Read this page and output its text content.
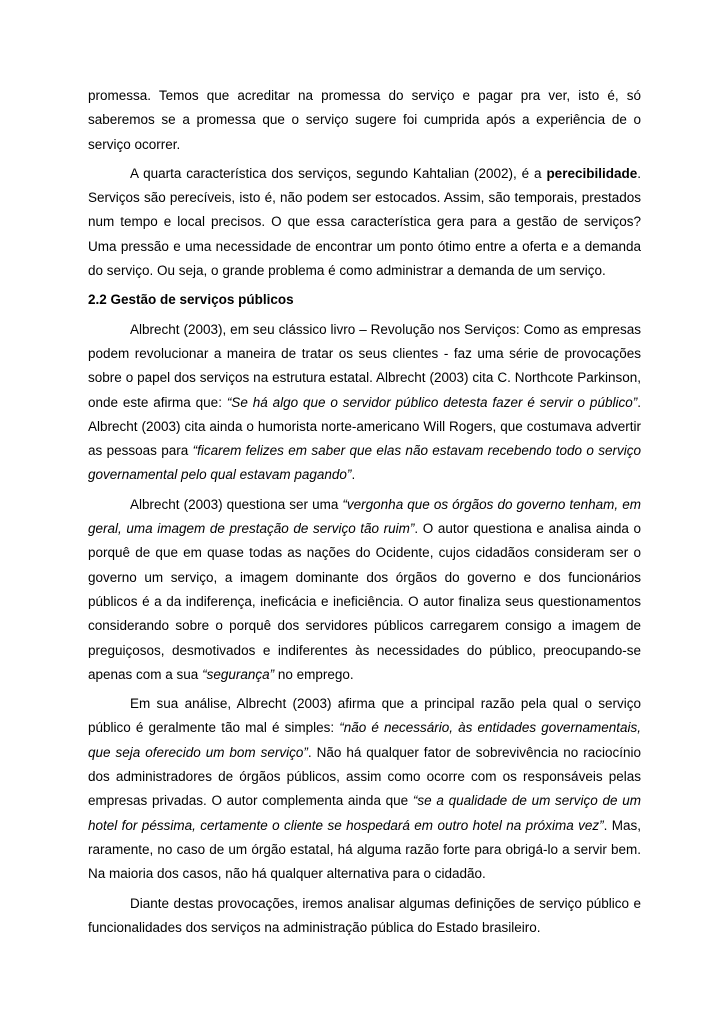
promessa. Temos que acreditar na promessa do serviço e pagar pra ver, isto é, só saberemos se a promessa que o serviço sugere foi cumprida após a experiência de o serviço ocorrer.

A quarta característica dos serviços, segundo Kahtalian (2002), é a perecibilidade. Serviços são perecíveis, isto é, não podem ser estocados. Assim, são temporais, prestados num tempo e local precisos. O que essa característica gera para a gestão de serviços? Uma pressão e uma necessidade de encontrar um ponto ótimo entre a oferta e a demanda do serviço. Ou seja, o grande problema é como administrar a demanda de um serviço.

2.2 Gestão de serviços públicos

Albrecht (2003), em seu clássico livro – Revolução nos Serviços: Como as empresas podem revolucionar a maneira de tratar os seus clientes - faz uma série de provocações sobre o papel dos serviços na estrutura estatal. Albrecht (2003) cita C. Northcote Parkinson, onde este afirma que: “Se há algo que o servidor público detesta fazer é servir o público”. Albrecht (2003) cita ainda o humorista norte-americano Will Rogers, que costumava advertir as pessoas para “ficarem felizes em saber que elas não estavam recebendo todo o serviço governamental pelo qual estavam pagando”.

Albrecht (2003) questiona ser uma “vergonha que os órgãos do governo tenham, em geral, uma imagem de prestação de serviço tão ruim”. O autor questiona e analisa ainda o porquê de que em quase todas as nações do Ocidente, cujos cidadãos consideram ser o governo um serviço, a imagem dominante dos órgãos do governo e dos funcionários públicos é a da indiferença, ineficácia e ineficiência. O autor finaliza seus questionamentos considerando sobre o porquê dos servidores públicos carregarem consigo a imagem de preguiçosos, desmotivados e indiferentes às necessidades do público, preocupando-se apenas com a sua “segurança” no emprego.

Em sua análise, Albrecht (2003) afirma que a principal razão pela qual o serviço público é geralmente tão mal é simples: “não é necessário, às entidades governamentais, que seja oferecido um bom serviço”. Não há qualquer fator de sobrevivência no raciocínio dos administradores de órgãos públicos, assim como ocorre com os responsáveis pelas empresas privadas. O autor complementa ainda que “se a qualidade de um serviço de um hotel for péssima, certamente o cliente se hospedará em outro hotel na próxima vez”. Mas, raramente, no caso de um órgão estatal, há alguma razão forte para obrigá-lo a servir bem. Na maioria dos casos, não há qualquer alternativa para o cidadão.

Diante destas provocações, iremos analisar algumas definições de serviço público e funcionalidades dos serviços na administração pública do Estado brasileiro.
